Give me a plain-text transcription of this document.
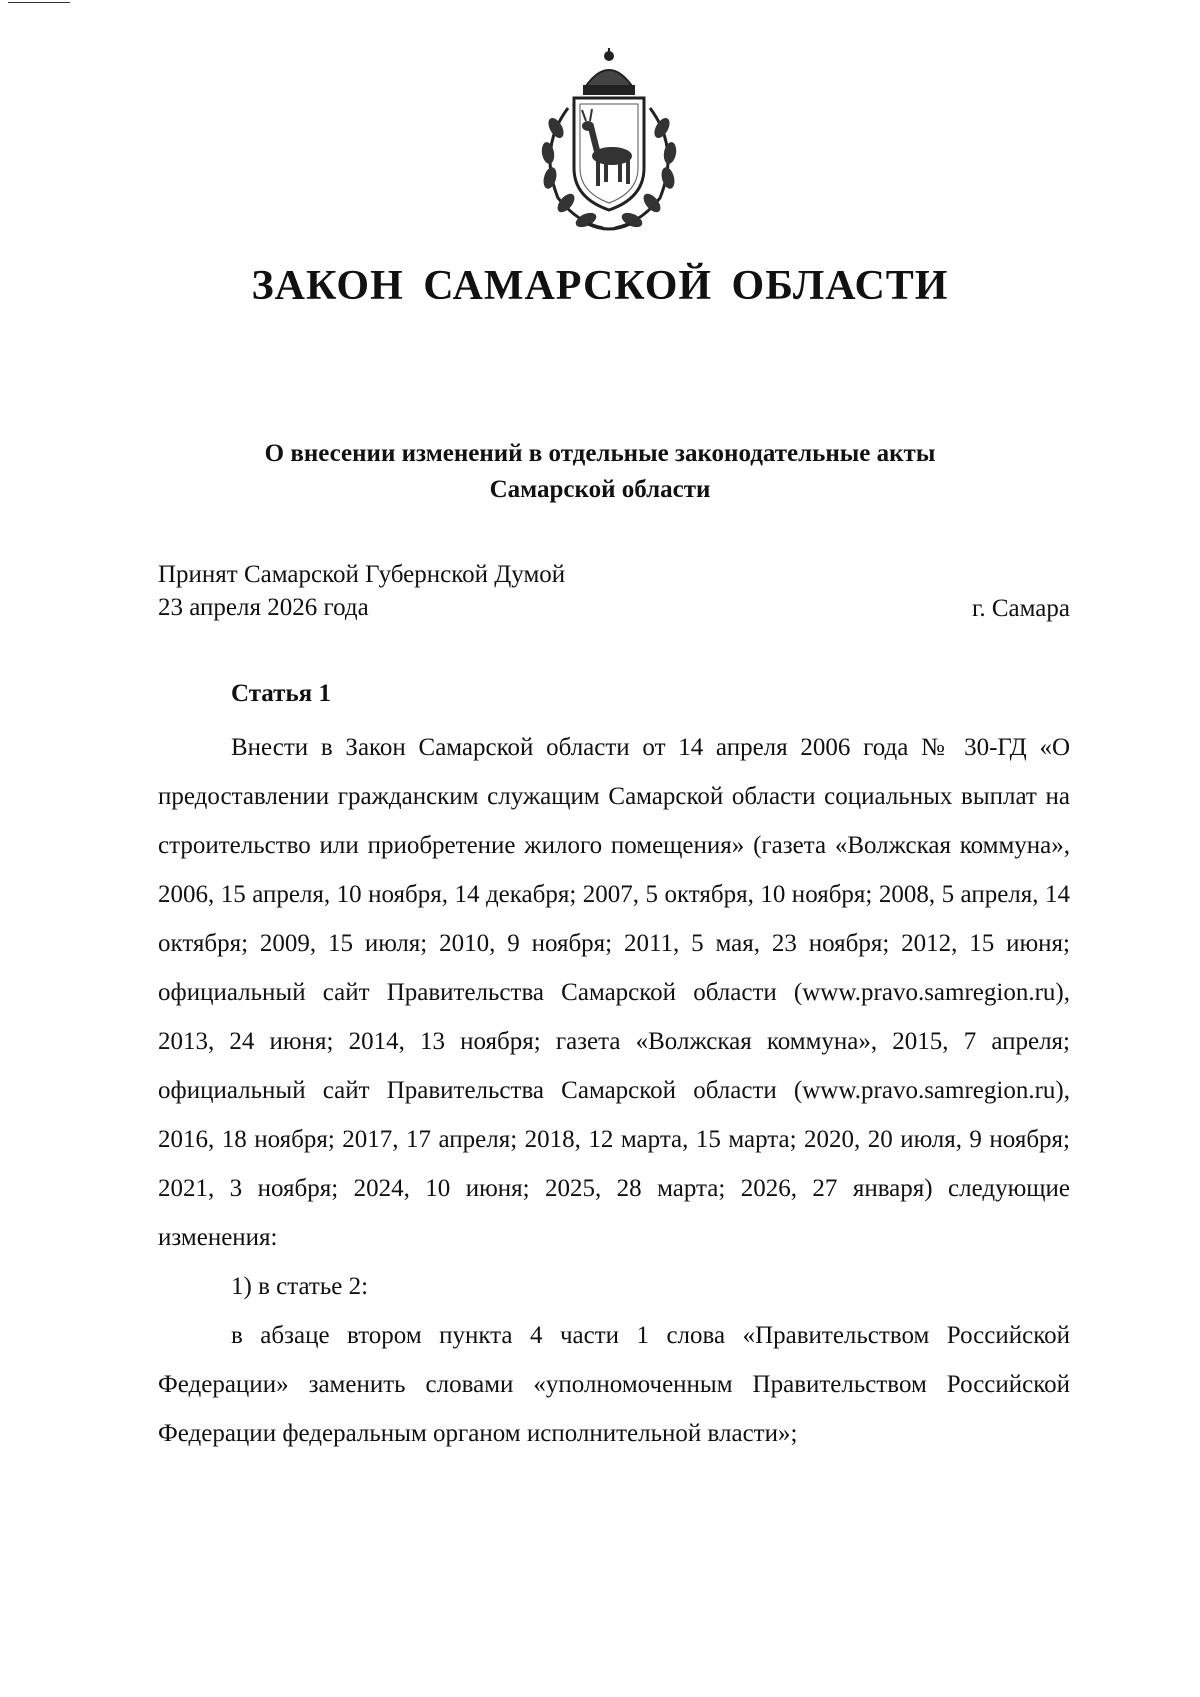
ЗАКОН САМАРСКОЙ ОБЛАСТИ
О внесении изменений в отдельные законодательные акты
Самарской области
Принят Самарской Губернской Думой
23 апреля 2026 года	г. Самара
Статья 1

Внести в Закон Самарской области от 14 апреля 2006 года № 30-ГД «О предоставлении гражданским служащим Самарской области социальных выплат на строительство или приобретение жилого помещения» (газета «Волжская коммуна», 2006, 15 апреля, 10 ноября, 14 декабря; 2007, 5 октября, 10 ноября; 2008, 5 апреля, 14 октября; 2009, 15 июля; 2010, 9 ноября; 2011, 5 мая, 23 ноября; 2012, 15 июня; официальный сайт Правительства Самарской области (www.pravo.samregion.ru), 2013, 24 июня; 2014, 13 ноября; газета «Волжская коммуна», 2015, 7 апреля; официальный сайт Правительства Самарской области (www.pravo.samregion.ru), 2016, 18 ноября; 2017, 17 апреля; 2018, 12 марта, 15 марта; 2020, 20 июля, 9 ноября; 2021, 3 ноября; 2024, 10 июня; 2025, 28 марта; 2026, 27 января) следующие изменения:

1) в статье 2:

в абзаце втором пункта 4 части 1 слова «Правительством Российской Федерации» заменить словами «уполномоченным Правительством Российской Федерации федеральным органом исполнительной власти»;
